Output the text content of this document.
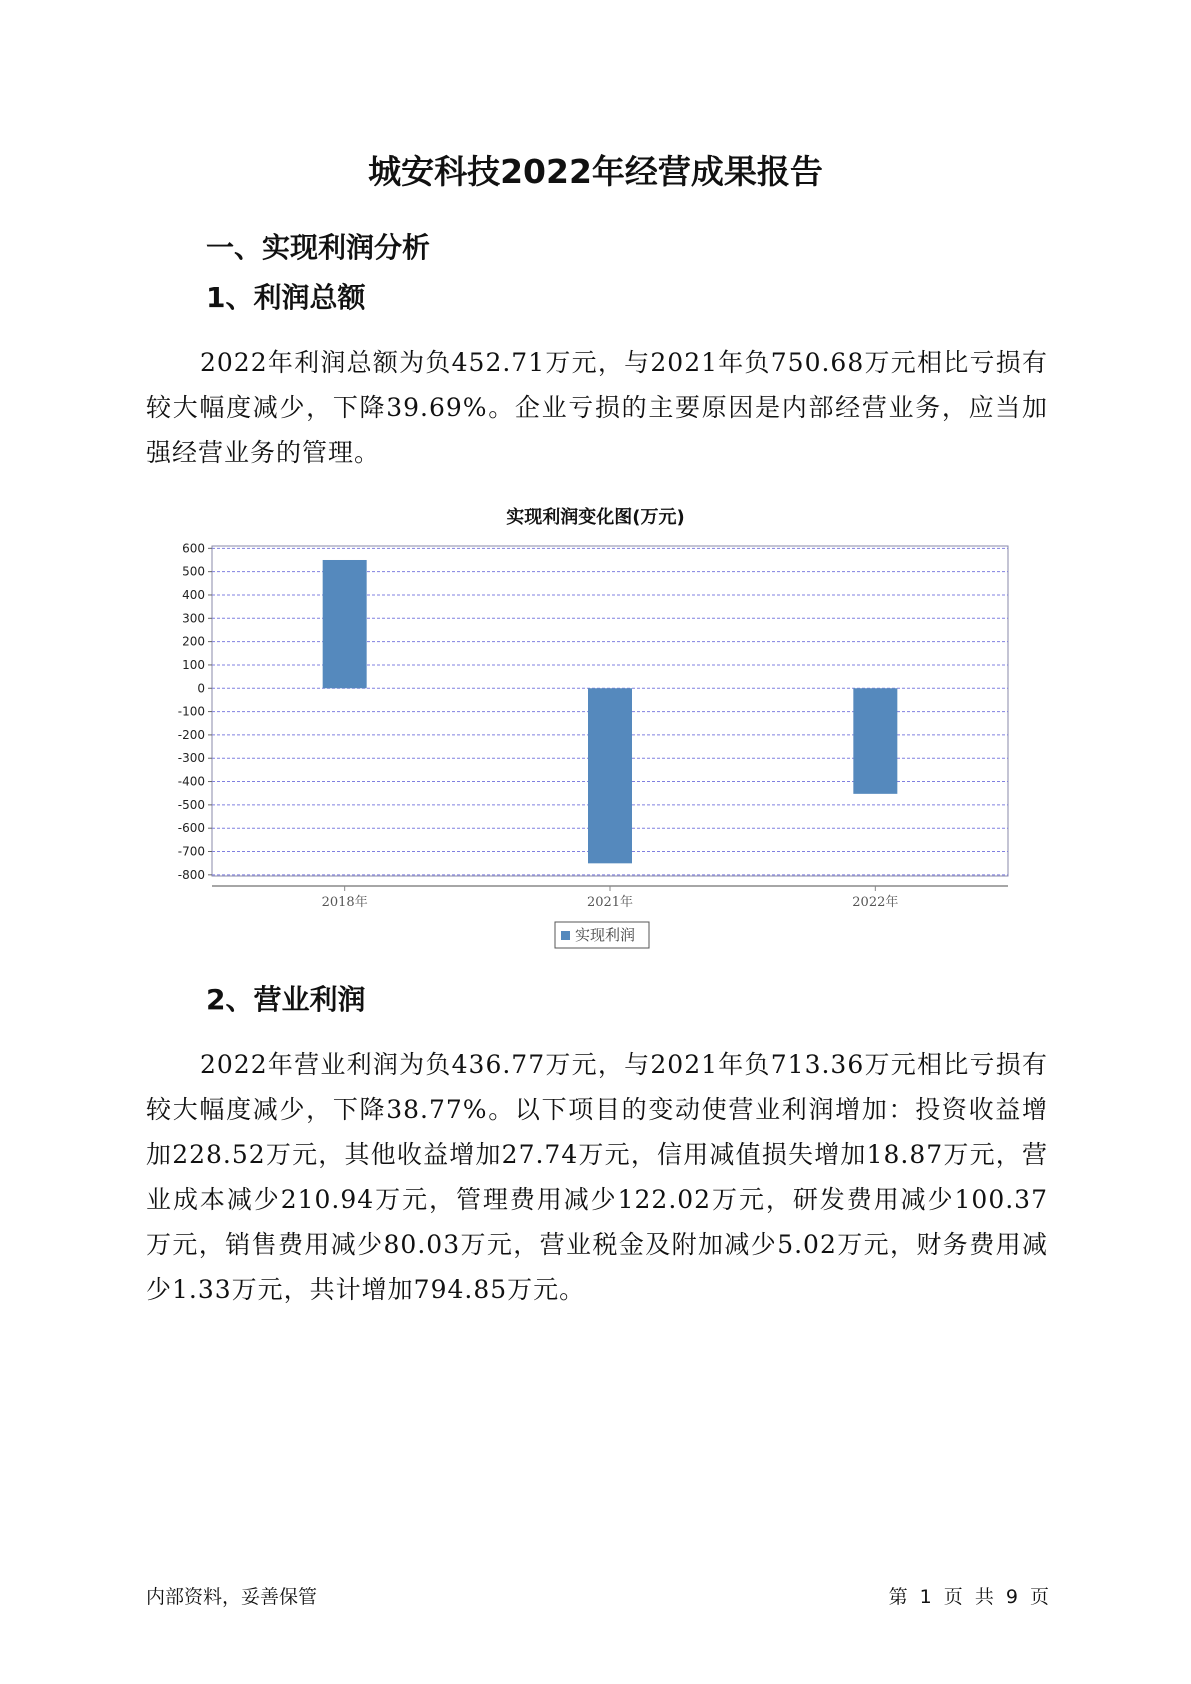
城安科技2022年经营成果报告
一、实现利润分析
1、利润总额

2022年利润总额为负452.71万元，与2021年负750.68万元相比亏损有较大幅度减少，下降39.69%。企业亏损的主要原因是内部经营业务，应当加强经营业务的管理。

实现利润变化图(万元)
600
500
400
300
200
100
0
-100
-200
-300
-400
-500
-600
-700
-800
2018年	2021年	2022年
实现利润
2、营业利润

2022年营业利润为负436.77万元，与2021年负713.36万元相比亏损有较大幅度减少，下降38.77%。以下项目的变动使营业利润增加：投资收益增加228.52万元，其他收益增加27.74万元，信用减值损失增加18.87万元，营业成本减少210.94万元，管理费用减少122.02万元，研发费用减少100.37万元，销售费用减少80.03万元，营业税金及附加减少5.02万元，财务费用减少1.33万元，共计增加794.85万元。

内部资料，妥善保管	第 1 页 共 9 页
